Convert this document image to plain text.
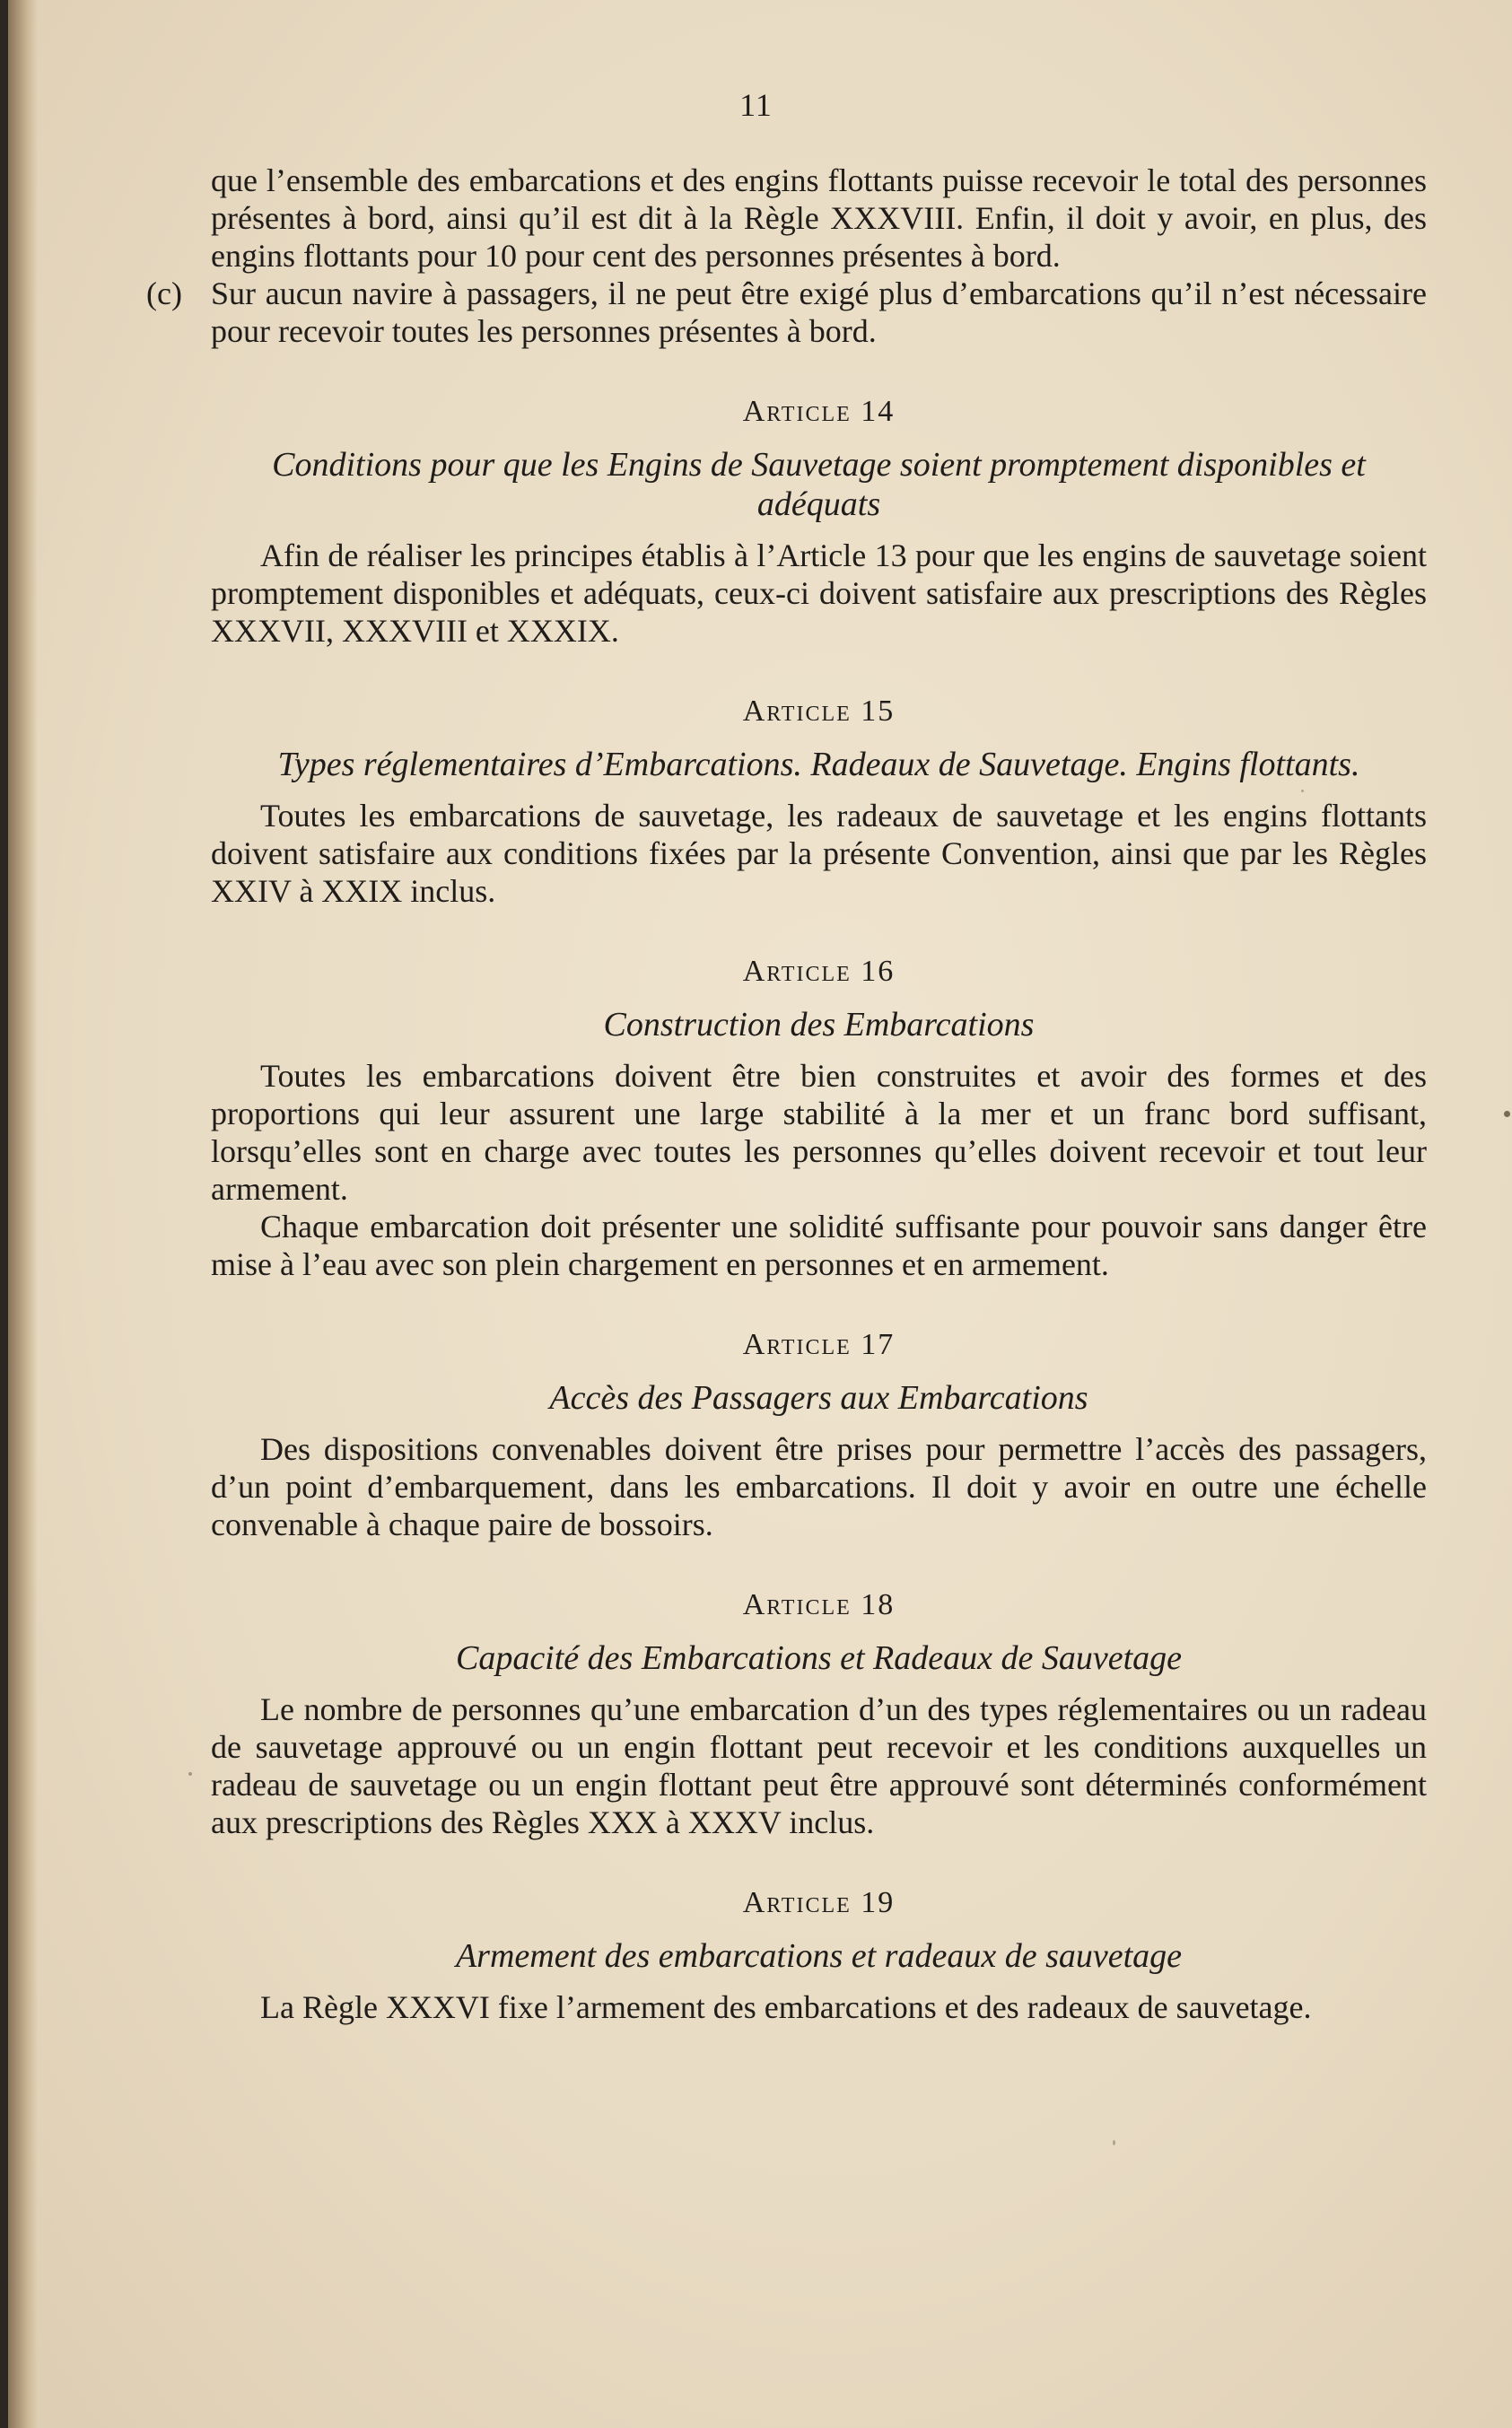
11

que l’ensemble des embarcations et des engins flottants puisse recevoir le total des personnes présentes à bord, ainsi qu’il est dit à la Règle XXXVIII. Enfin, il doit y avoir, en plus, des engins flottants pour 10 pour cent des personnes présentes à bord.

(c) Sur aucun navire à passagers, il ne peut être exigé plus d’embarcations qu’il n’est nécessaire pour recevoir toutes les personnes présentes à bord.

Article 14
Conditions pour que les Engins de Sauvetage soient promptement disponibles et adéquats

Afin de réaliser les principes établis à l’Article 13 pour que les engins de sauvetage soient promptement disponibles et adéquats, ceux-ci doivent satisfaire aux prescriptions des Règles XXXVII, XXXVIII et XXXIX.

Article 15
Types réglementaires d’Embarcations. Radeaux de Sauvetage. Engins flottants.

Toutes les embarcations de sauvetage, les radeaux de sauvetage et les engins flottants doivent satisfaire aux conditions fixées par la présente Convention, ainsi que par les Règles XXIV à XXIX inclus.

Article 16
Construction des Embarcations

Toutes les embarcations doivent être bien construites et avoir des formes et des proportions qui leur assurent une large stabilité à la mer et un franc bord suffisant, lorsqu’elles sont en charge avec toutes les personnes qu’elles doivent recevoir et tout leur armement.

Chaque embarcation doit présenter une solidité suffisante pour pouvoir sans danger être mise à l’eau avec son plein chargement en personnes et en armement.

Article 17
Accès des Passagers aux Embarcations

Des dispositions convenables doivent être prises pour permettre l’accès des passagers, d’un point d’embarquement, dans les embarcations. Il doit y avoir en outre une échelle convenable à chaque paire de bossoirs.

Article 18
Capacité des Embarcations et Radeaux de Sauvetage

Le nombre de personnes qu’une embarcation d’un des types réglementaires ou un radeau de sauvetage approuvé ou un engin flottant peut recevoir et les conditions auxquelles un radeau de sauvetage ou un engin flottant peut être approuvé sont déterminés conformément aux prescriptions des Règles XXX à XXXV inclus.

Article 19
Armement des embarcations et radeaux de sauvetage

La Règle XXXVI fixe l’armement des embarcations et des radeaux de sauvetage.
